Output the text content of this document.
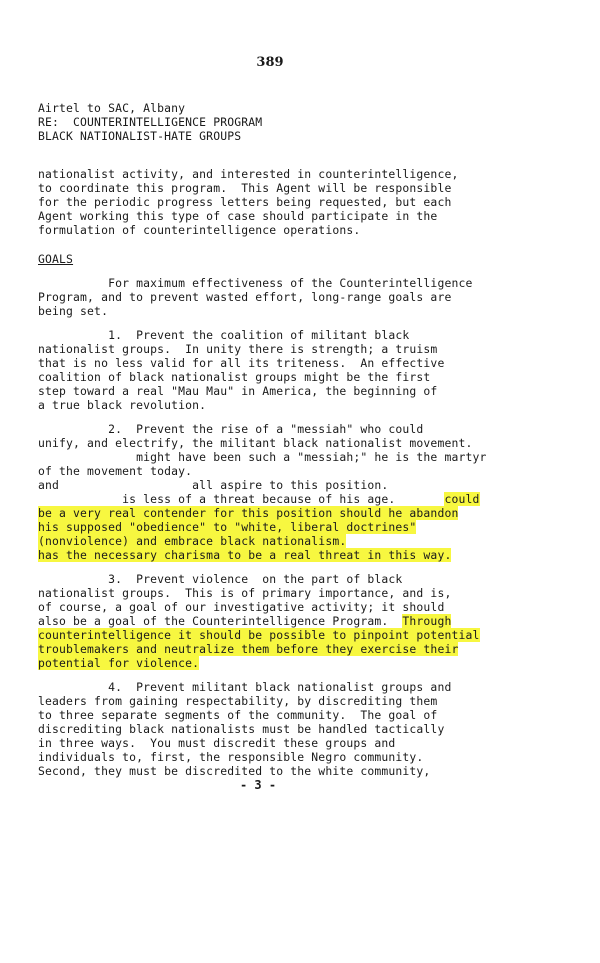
389
Airtel to SAC, Albany
RE:  COUNTERINTELLIGENCE PROGRAM
BLACK NATIONALIST-HATE GROUPS
nationalist activity, and interested in counterintelligence,
to coordinate this program.  This Agent will be responsible
for the periodic progress letters being requested, but each
Agent working this type of case should participate in the
formulation of counterintelligence operations.
GOALS
For maximum effectiveness of the Counterintelligence
Program, and to prevent wasted effort, long-range goals are
being set.
1.  Prevent the coalition of militant black
nationalist groups.  In unity there is strength; a truism
that is no less valid for all its triteness.  An effective
coalition of black nationalist groups might be the first
step toward a real "Mau Mau" in America, the beginning of
a true black revolution.
2.  Prevent the rise of a "messiah" who could
unify, and electrify, the militant black nationalist movement.
might have been such a "messiah;" he is the martyr
of the movement today.
and                   all aspire to this position.
is less of a threat because of his age.       could
be a very real contender for this position should he abandon
his supposed "obedience" to "white, liberal doctrines"
(nonviolence) and embrace black nationalism.
has the necessary charisma to be a real threat in this way.
3.  Prevent violence  on the part of black
nationalist groups.  This is of primary importance, and is,
of course, a goal of our investigative activity; it should
also be a goal of the Counterintelligence Program.  Through
counterintelligence it should be possible to pinpoint potential
troublemakers and neutralize them before they exercise their
potential for violence.
4.  Prevent militant black nationalist groups and
leaders from gaining respectability, by discrediting them
to three separate segments of the community.  The goal of
discrediting black nationalists must be handled tactically
in three ways.  You must discredit these groups and
individuals to, first, the responsible Negro community.
Second, they must be discredited to the white community,
- 3 -
